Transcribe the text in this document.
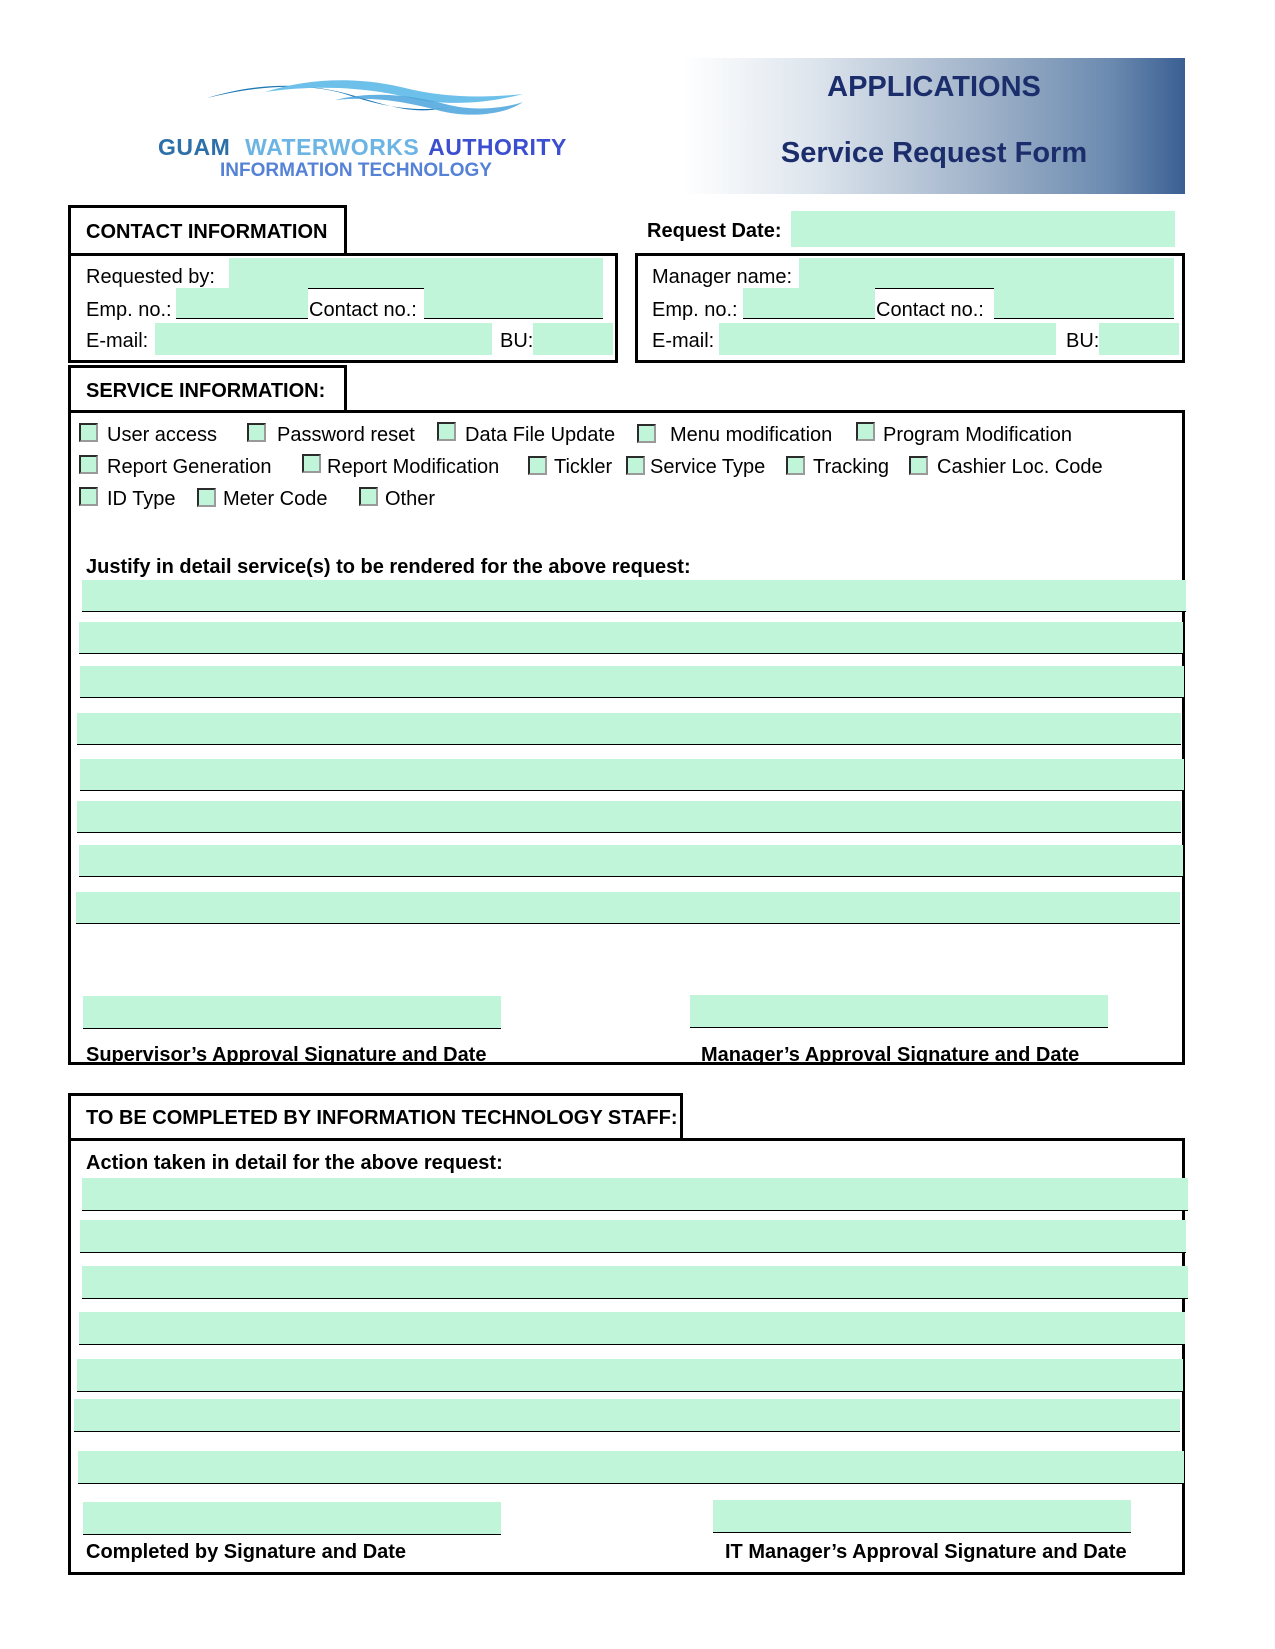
GUAM WATERWORKS AUTHORITY
INFORMATION TECHNOLOGY
APPLICATIONS
Service Request Form
CONTACT INFORMATION	Request Date:
Requested by:
Emp. no.:	Contact no.:
E-mail:	BU:
Manager name:
Emp. no.:	Contact no.:
E-mail:	BU:
SERVICE INFORMATION:
User access	Password reset	Data File Update	Menu modification	Program Modification
Report Generation	Report Modification	Tickler Service Type Tracking Cashier Loc. Code
ID Type Meter Code	Other
Justify in detail service(s) to be rendered for the above request:
Supervisor’s Approval Signature and Date	Manager’s Approval Signature and Date
TO BE COMPLETED BY INFORMATION TECHNOLOGY STAFF:
Action taken in detail for the above request:
Completed by Signature and Date	IT Manager’s Approval Signature and Date
